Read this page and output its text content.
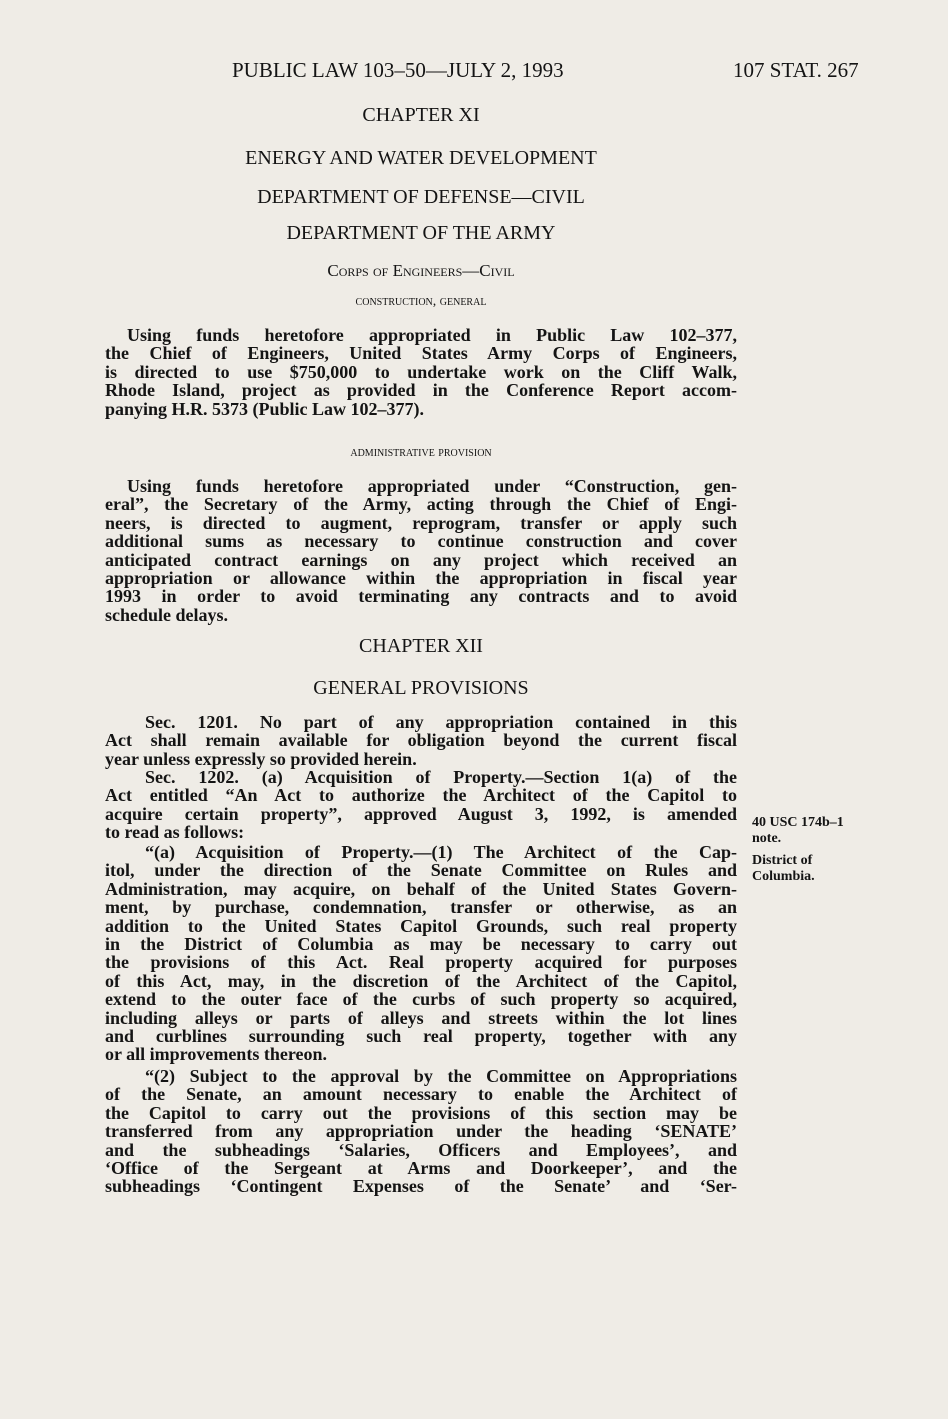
PUBLIC LAW 103–50—JULY 2, 1993	107 STAT. 267
CHAPTER XI
ENERGY AND WATER DEVELOPMENT
DEPARTMENT OF DEFENSE—CIVIL
DEPARTMENT OF THE ARMY
Corps of Engineers—Civil
construction, general
Using funds heretofore appropriated in Public Law 102–377,
the Chief of Engineers, United States Army Corps of Engineers,
is directed to use $750,000 to undertake work on the Cliff Walk,
Rhode Island, project as provided in the Conference Report accom-
panying H.R. 5373 (Public Law 102–377).
administrative provision
Using funds heretofore appropriated under “Construction, gen-
eral”, the Secretary of the Army, acting through the Chief of Engi-
neers, is directed to augment, reprogram, transfer or apply such
additional sums as necessary to continue construction and cover
anticipated contract earnings on any project which received an
appropriation or allowance within the appropriation in fiscal year
1993 in order to avoid terminating any contracts and to avoid
schedule delays.
CHAPTER XII
GENERAL PROVISIONS
Sec. 1201. No part of any appropriation contained in this
Act shall remain available for obligation beyond the current fiscal
year unless expressly so provided herein.
Sec. 1202. (a) Acquisition of Property.—Section 1(a) of the
Act entitled “An Act to authorize the Architect of the Capitol to
acquire certain property”, approved August 3, 1992, is amended
to read as follows:
“(a) Acquisition of Property.—(1) The Architect of the Cap-
itol, under the direction of the Senate Committee on Rules and
Administration, may acquire, on behalf of the United States Govern-
ment, by purchase, condemnation, transfer or otherwise, as an
addition to the United States Capitol Grounds, such real property
in the District of Columbia as may be necessary to carry out
the provisions of this Act. Real property acquired for purposes
of this Act, may, in the discretion of the Architect of the Capitol,
extend to the outer face of the curbs of such property so acquired,
including alleys or parts of alleys and streets within the lot lines
and curblines surrounding such real property, together with any
or all improvements thereon.
“(2) Subject to the approval by the Committee on Appropriations
of the Senate, an amount necessary to enable the Architect of
the Capitol to carry out the provisions of this section may be
transferred from any appropriation under the heading ‘SENATE’
and the subheadings ‘Salaries, Officers and Employees’, and
‘Office of the Sergeant at Arms and Doorkeeper’, and the
subheadings ‘Contingent Expenses of the Senate’ and ‘Ser-
40 USC 174b–1
note.
District of
Columbia.
